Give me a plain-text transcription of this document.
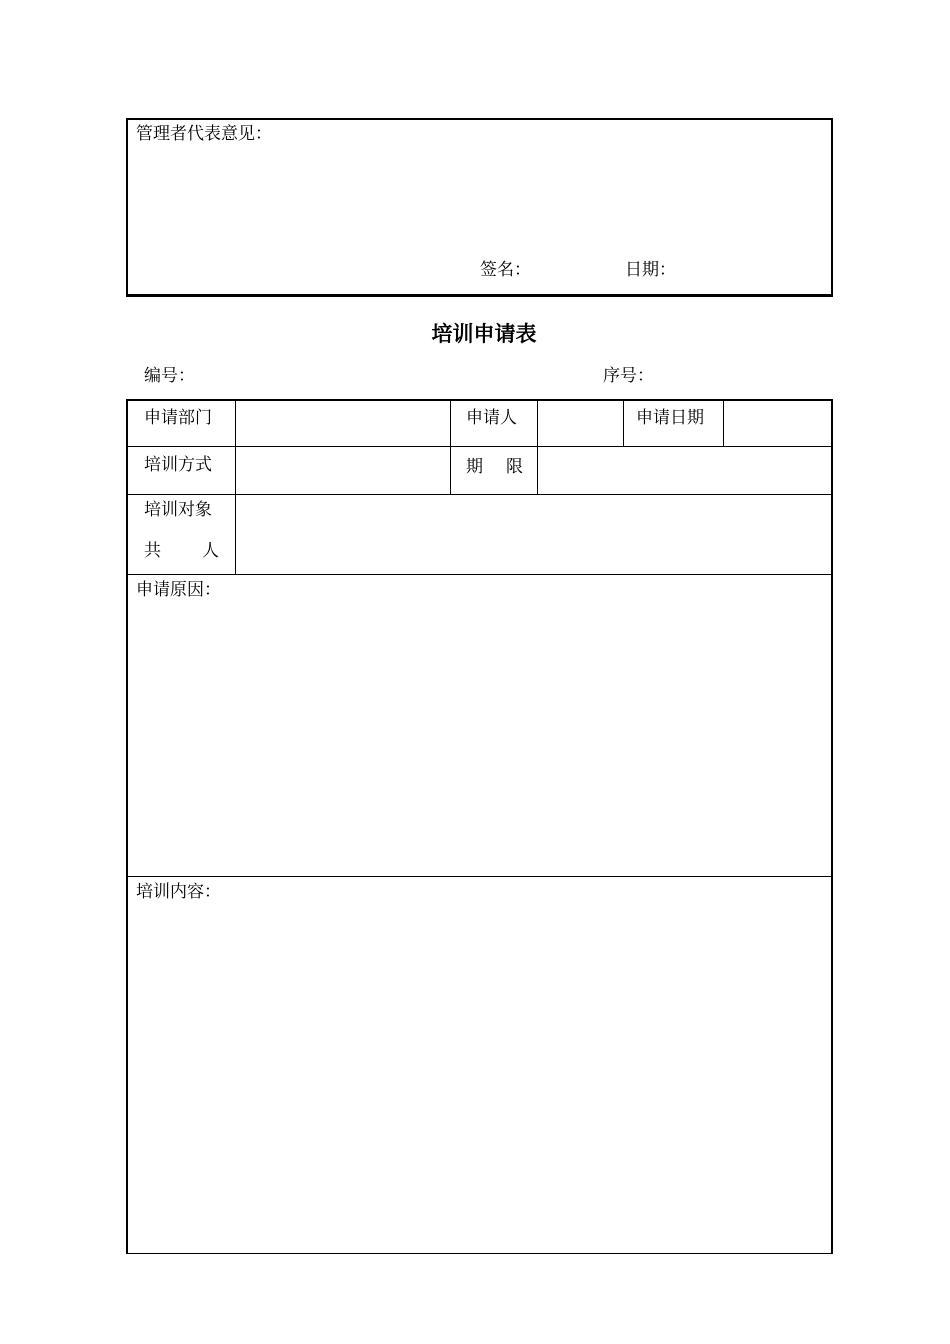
管理者代表意见：
签名：	日期：
培训申请表
编号：	序号：
申请部门	申请人	申请日期
培训方式	期 限
培训对象
共 人
申请原因：
培训内容：
